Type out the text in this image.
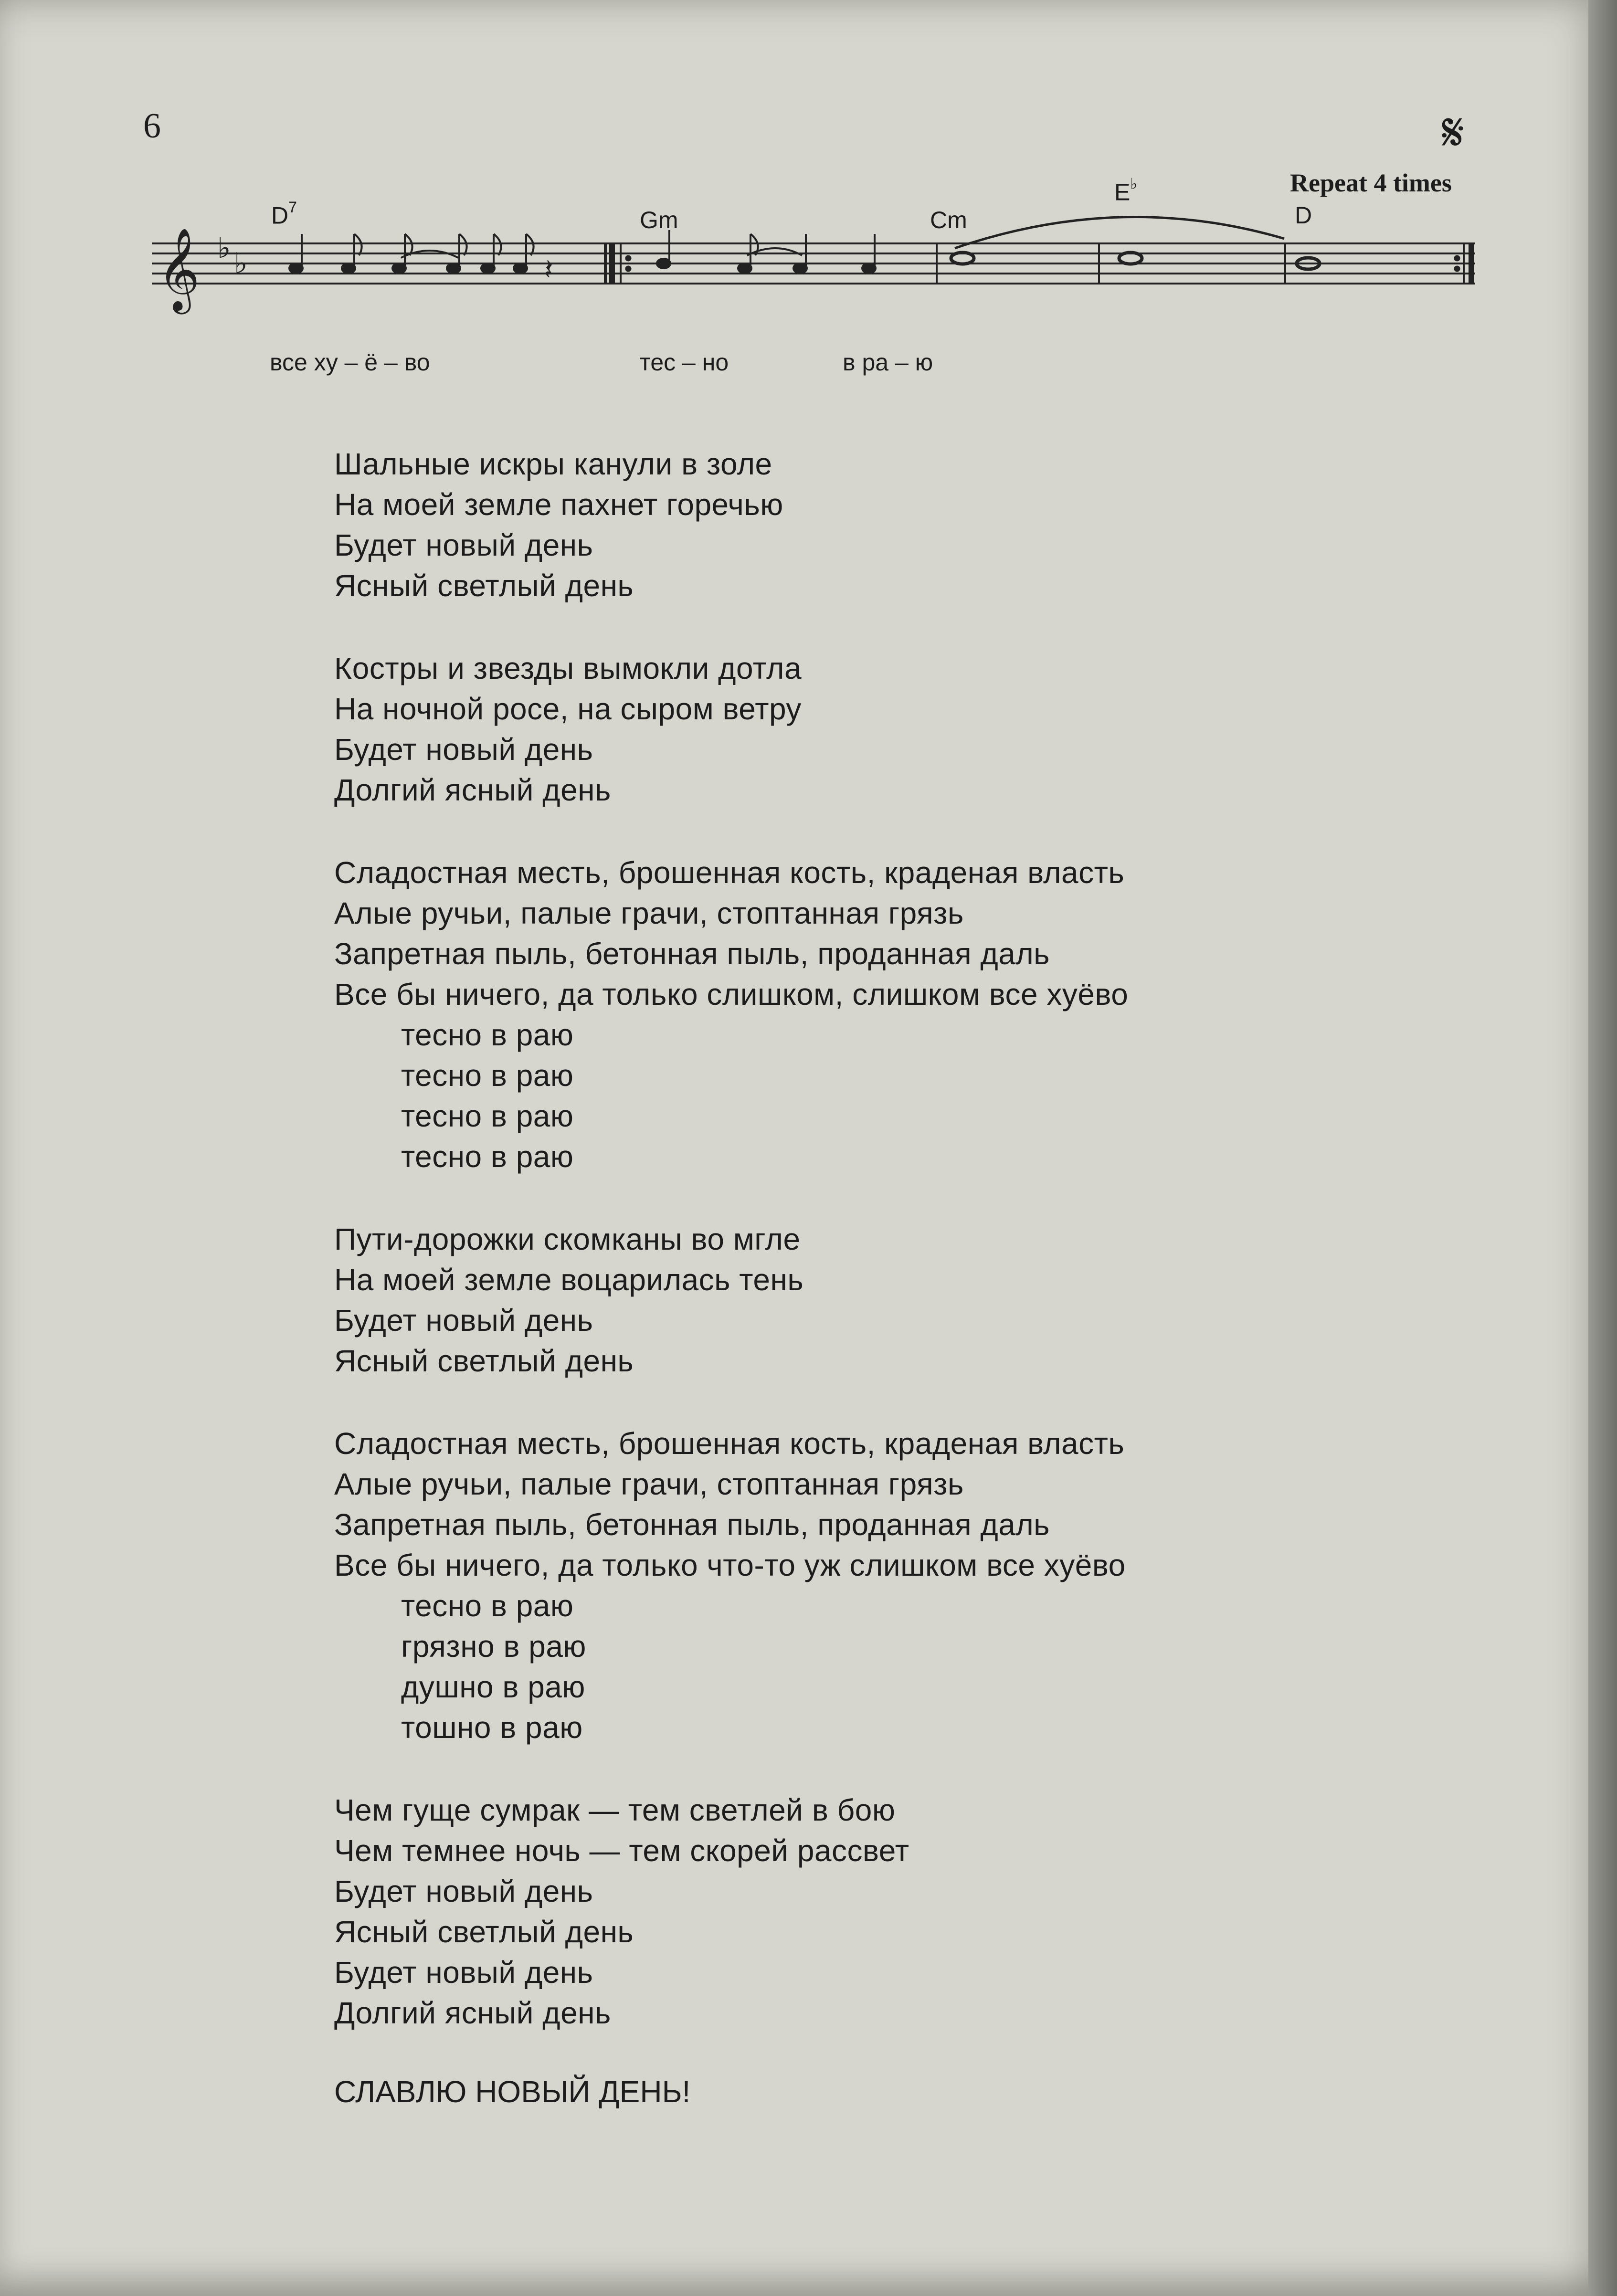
6	𝄋
Repeat 4 times
$D^7$	Gm	Cm
E♭
D
𝄞 ♭ ♭	𝄽
все ху – ё – во	тес – но	в ра – ю
Шальные искры канули в золе
На моей земле пахнет горечью
Будет новый день
Ясный светлый день
Костры и звезды вымокли дотла
На ночной росе, на сыром ветру
Будет новый день
Долгий ясный день
Сладостная месть, брошенная кость, краденая власть
Алые ручьи, палые грачи, стоптанная грязь
Запретная пыль, бетонная пыль, проданная даль
Все бы ничего, да только слишком, слишком все хуёво
тесно в раю
тесно в раю
тесно в раю
тесно в раю
Пути-дорожки скомканы во мгле
На моей земле воцарилась тень
Будет новый день
Ясный светлый день
Сладостная месть, брошенная кость, краденая власть
Алые ручьи, палые грачи, стоптанная грязь
Запретная пыль, бетонная пыль, проданная даль
Все бы ничего, да только что-то уж слишком все хуёво
тесно в раю
грязно в раю
душно в раю
тошно в раю
Чем гуще сумрак — тем светлей в бою
Чем темнее ночь — тем скорей рассвет
Будет новый день
Ясный светлый день
Будет новый день
Долгий ясный день
СЛАВЛЮ НОВЫЙ ДЕНЬ!
